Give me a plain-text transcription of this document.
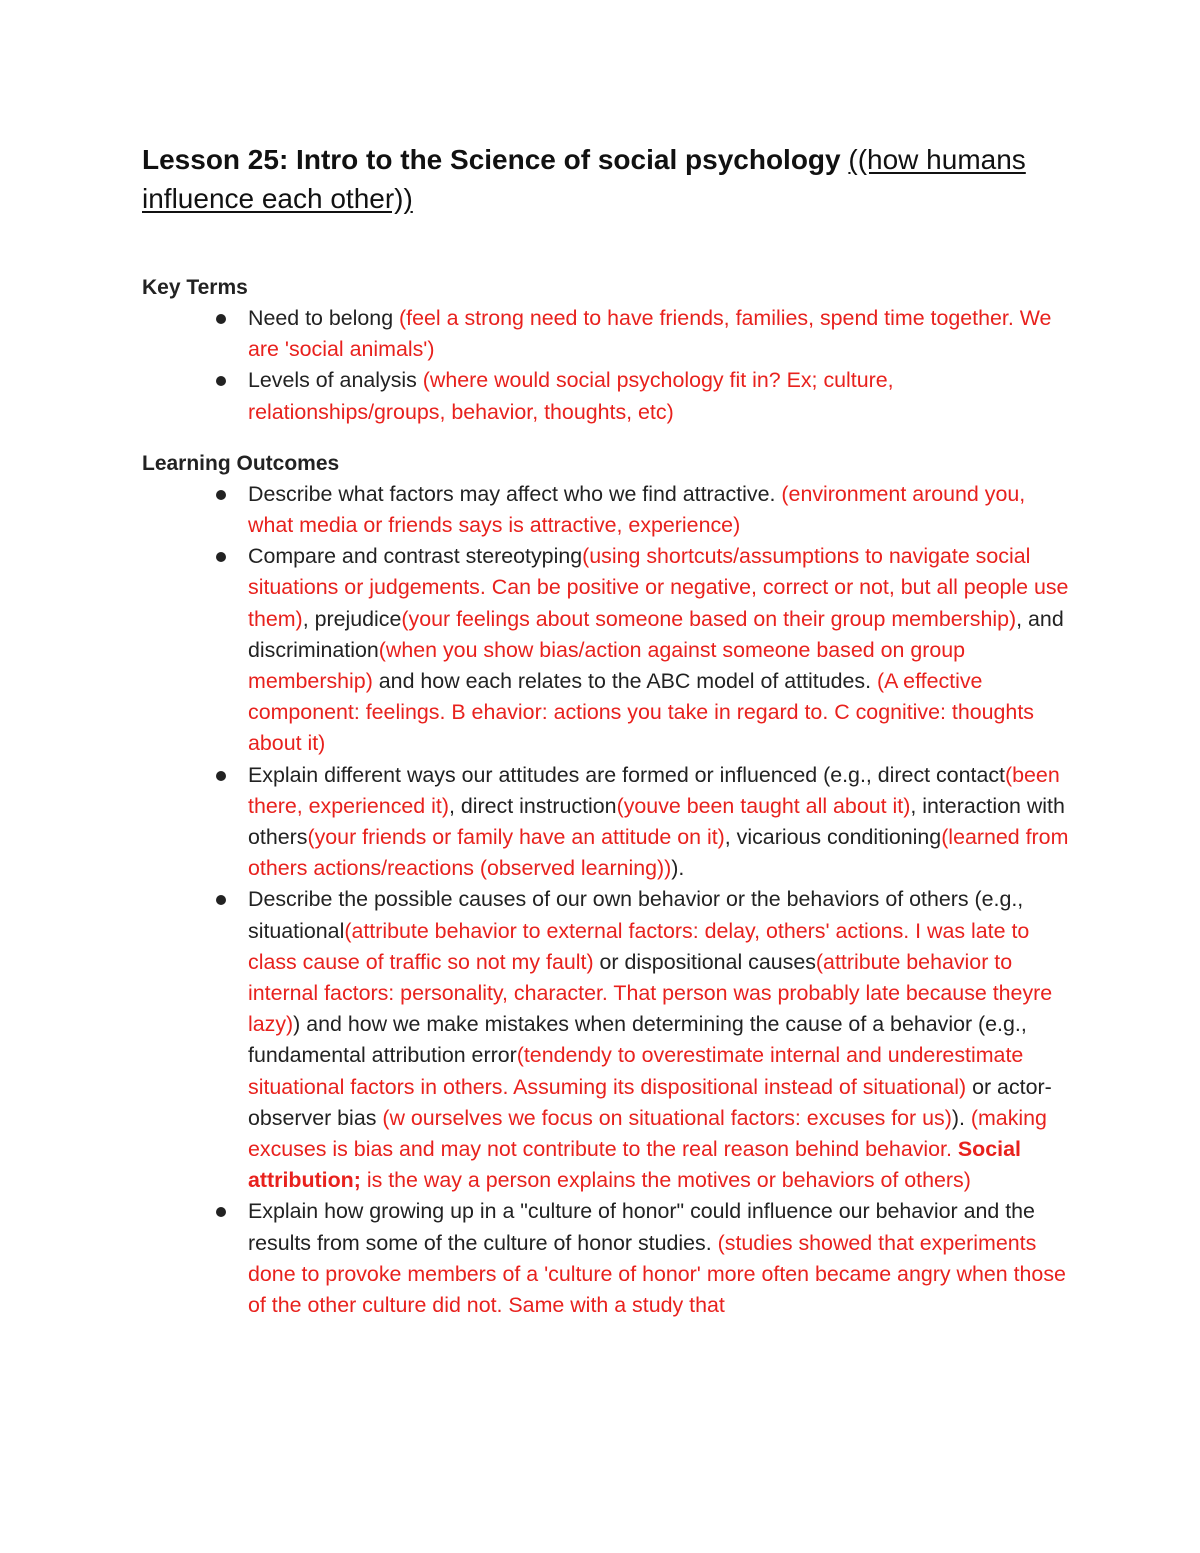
Lesson 25: Intro to the Science of social psychology ((how humans influence each other))
Key Terms
Need to belong (feel a strong need to have friends, families, spend time together. We are 'social animals')
Levels of analysis (where would social psychology fit in? Ex; culture, relationships/groups, behavior, thoughts, etc)
Learning Outcomes
Describe what factors may affect who we find attractive. (environment around you, what media or friends says is attractive, experience)
Compare and contrast stereotyping(using shortcuts/assumptions to navigate social situations or judgements. Can be positive or negative, correct or not, but all people use them), prejudice(your feelings about someone based on their group membership), and discrimination(when you show bias/action against someone based on group membership) and how each relates to the ABC model of attitudes. (A effective component: feelings. B ehavior: actions you take in regard to. C cognitive: thoughts about it)
Explain different ways our attitudes are formed or influenced (e.g., direct contact(been there, experienced it), direct instruction(youve been taught all about it), interaction with others(your friends or family have an attitude on it), vicarious conditioning(learned from others actions/reactions (observed learning))).
Describe the possible causes of our own behavior or the behaviors of others (e.g., situational(attribute behavior to external factors: delay, others' actions. I was late to class cause of traffic so not my fault) or dispositional causes(attribute behavior to internal factors: personality, character. That person was probably late because theyre lazy)) and how we make mistakes when determining the cause of a behavior (e.g., fundamental attribution error(tendendy to overestimate internal and underestimate situational factors in others. Assuming its dispositional instead of situational) or actor-observer bias (w ourselves we focus on situational factors: excuses for us)). (making excuses is bias and may not contribute to the real reason behind behavior. Social attribution; is the way a person explains the motives or behaviors of others)
Explain how growing up in a "culture of honor" could influence our behavior and the results from some of the culture of honor studies. (studies showed that experiments done to provoke members of a 'culture of honor' more often became angry when those of the other culture did not. Same with a study that
